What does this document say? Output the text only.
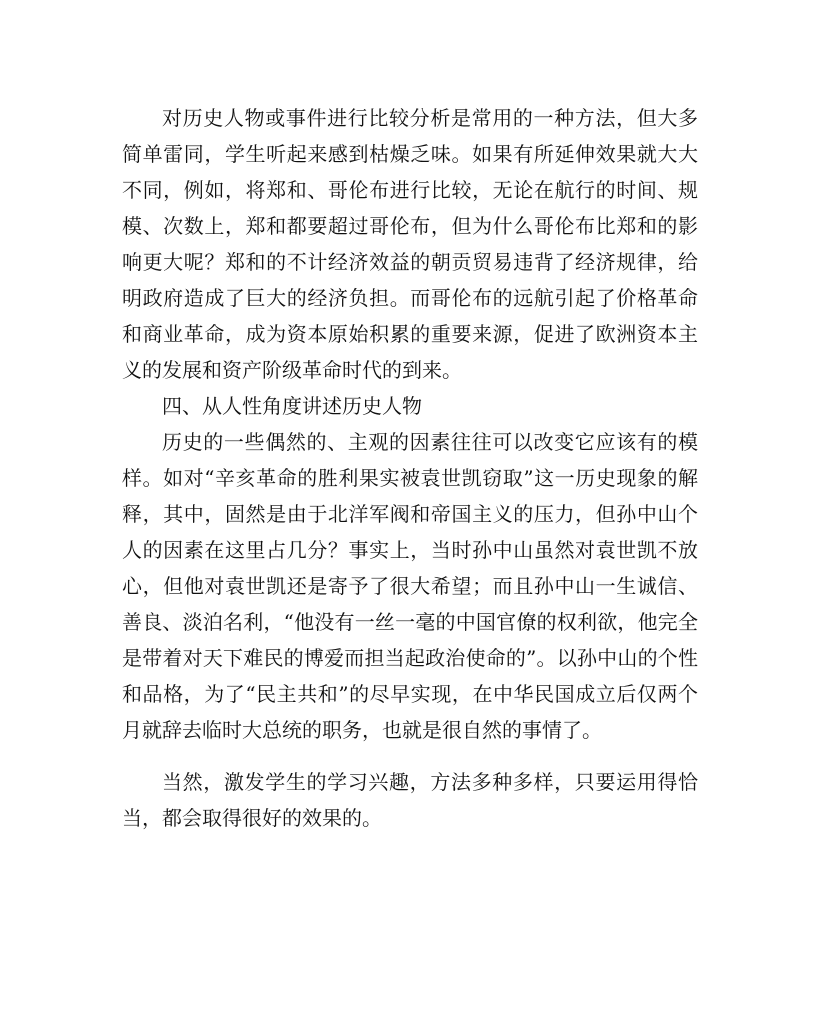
对历史人物或事件进行比较分析是常用的一种方法，但大多简单雷同，学生听起来感到枯燥乏味。如果有所延伸效果就大大不同，例如，将郑和、哥伦布进行比较，无论在航行的时间、规模、次数上，郑和都要超过哥伦布，但为什么哥伦布比郑和的影响更大呢？郑和的不计经济效益的朝贡贸易违背了经济规律，给明政府造成了巨大的经济负担。而哥伦布的远航引起了价格革命和商业革命，成为资本原始积累的重要来源，促进了欧洲资本主义的发展和资产阶级革命时代的到来。

四、从人性角度讲述历史人物

历史的一些偶然的、主观的因素往往可以改变它应该有的模样。如对“辛亥革命的胜利果实被袁世凯窃取”这一历史现象的解释，其中，固然是由于北洋军阀和帝国主义的压力，但孙中山个人的因素在这里占几分？事实上，当时孙中山虽然对袁世凯不放心，但他对袁世凯还是寄予了很大希望；而且孙中山一生诚信、善良、淡泊名利，“他没有一丝一毫的中国官僚的权利欲，他完全是带着对天下难民的博爱而担当起政治使命的”。以孙中山的个性和品格，为了“民主共和”的尽早实现，在中华民国成立后仅两个月就辞去临时大总统的职务，也就是很自然的事情了。

当然，激发学生的学习兴趣，方法多种多样，只要运用得恰当，都会取得很好的效果的。
